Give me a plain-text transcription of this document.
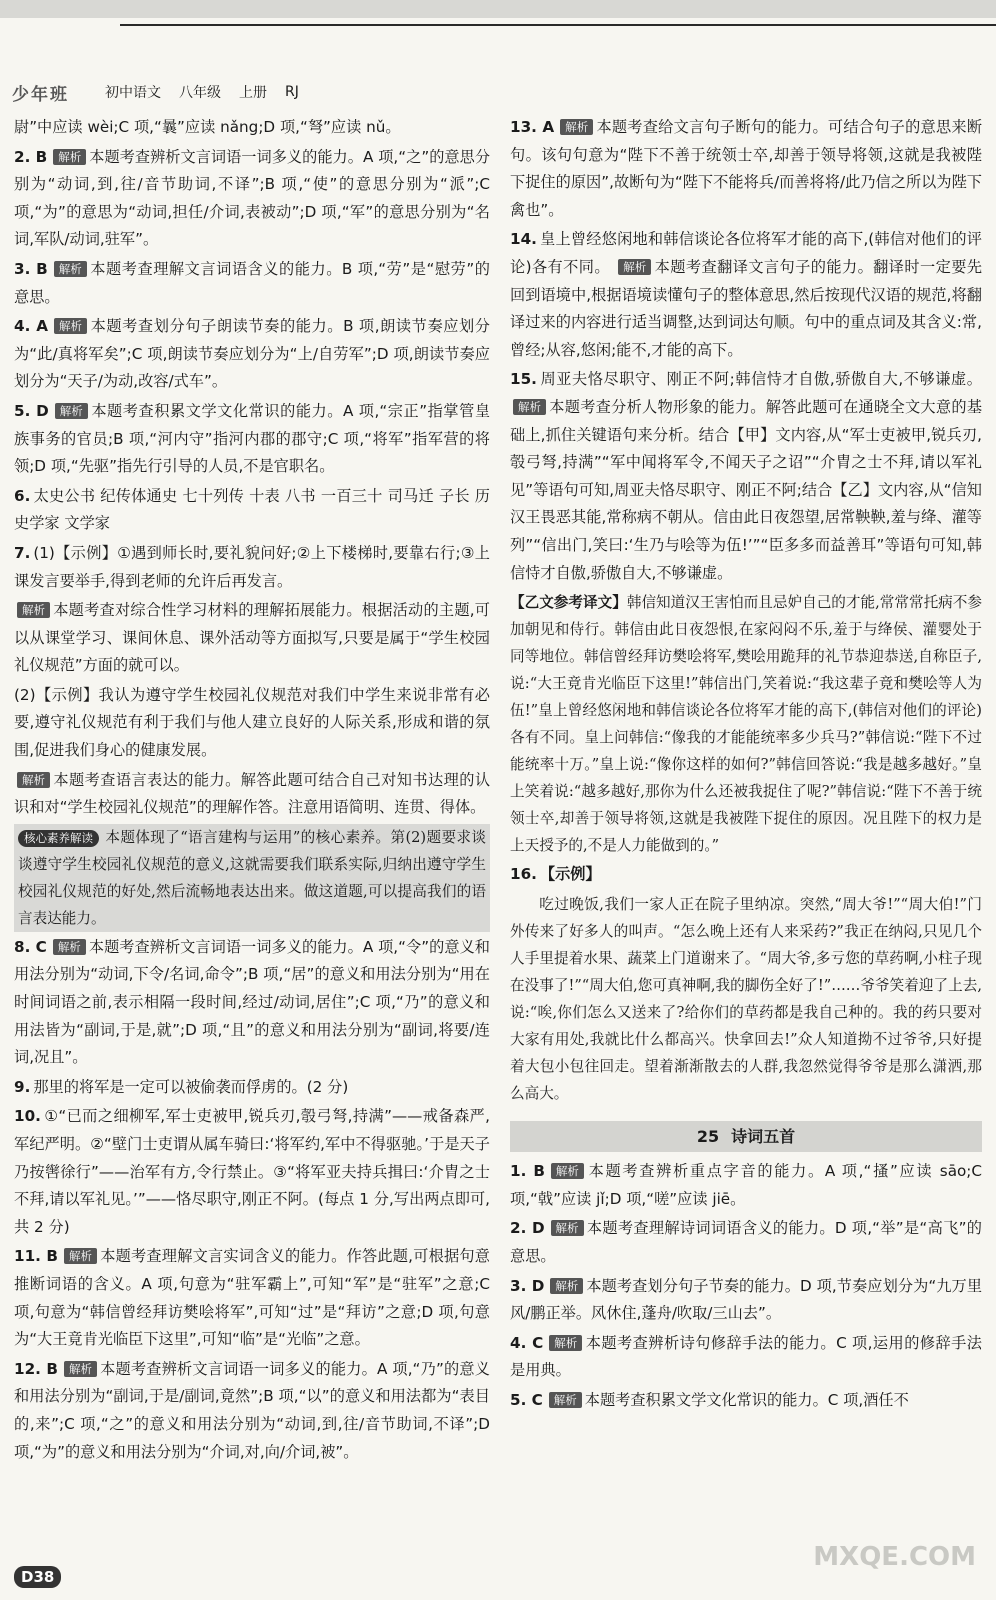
少年班	初中语文 八年级 上册 RJ
尉”中应读 wèi;C 项,“曩”应读 nǎng;D 项,“弩”应读 nǔ。
2. B 解析 本题考查辨析文言词语一词多义的能力。A 项,“之”的意思分别为“动词,到,往/音节助词,不译”;B 项,“使”的意思分别为“派”;C 项,“为”的意思为“动词,担任/介词,表被动”;D 项,“军”的意思分别为“名词,军队/动词,驻军”。
3. B 解析 本题考查理解文言词语含义的能力。B 项,“劳”是“慰劳”的意思。
4. A 解析 本题考查划分句子朗读节奏的能力。B 项,朗读节奏应划分为“此/真将军矣”;C 项,朗读节奏应划分为“上/自劳军”;D 项,朗读节奏应划分为“天子/为动,改容/式车”。
5. D 解析 本题考查积累文学文化常识的能力。A 项,“宗正”指掌管皇族事务的官员;B 项,“河内守”指河内郡的郡守;C 项,“将军”指军营的将领;D 项,“先驱”指先行引导的人员,不是官职名。
6. 太史公书 纪传体通史 七十列传 十表 八书 一百三十 司马迁 子长 历史学家 文学家
7. (1)【示例】①遇到师长时,要礼貌问好;②上下楼梯时,要靠右行;③上课发言要举手,得到老师的允许后再发言。
解析 本题考查对综合性学习材料的理解拓展能力。根据活动的主题,可以从课堂学习、课间休息、课外活动等方面拟写,只要是属于“学生校园礼仪规范”方面的就可以。
(2)【示例】我认为遵守学生校园礼仪规范对我们中学生来说非常有必要,遵守礼仪规范有利于我们与他人建立良好的人际关系,形成和谐的氛围,促进我们身心的健康发展。
解析 本题考查语言表达的能力。解答此题可结合自己对知书达理的认识和对“学生校园礼仪规范”的理解作答。注意用语简明、连贯、得体。
核心素养解读 本题体现了“语言建构与运用”的核心素养。第(2)题要求谈谈遵守学生校园礼仪规范的意义,这就需要我们联系实际,归纳出遵守学生校园礼仪规范的好处,然后流畅地表达出来。做这道题,可以提高我们的语言表达能力。
8. C 解析 本题考查辨析文言词语一词多义的能力。A 项,“令”的意义和用法分别为“动词,下令/名词,命令”;B 项,“居”的意义和用法分别为“用在时间词语之前,表示相隔一段时间,经过/动词,居住”;C 项,“乃”的意义和用法皆为“副词,于是,就”;D 项,“且”的意义和用法分别为“副词,将要/连词,况且”。
9. 那里的将军是一定可以被偷袭而俘虏的。(2 分)
10. ①“已而之细柳军,军士吏被甲,锐兵刃,彀弓弩,持满”——戒备森严,军纪严明。②“壁门士吏谓从属车骑曰:‘将军约,军中不得驱驰。’于是天子乃按辔徐行”——治军有方,令行禁止。③“将军亚夫持兵揖曰:‘介胄之士不拜,请以军礼见。’”——恪尽职守,刚正不阿。(每点 1 分,写出两点即可,共 2 分)
11. B 解析 本题考查理解文言实词含义的能力。作答此题,可根据句意推断词语的含义。A 项,句意为“驻军霸上”,可知“军”是“驻军”之意;C 项,句意为“韩信曾经拜访樊哙将军”,可知“过”是“拜访”之意;D 项,句意为“大王竟肯光临臣下这里”,可知“临”是“光临”之意。
12. B 解析 本题考查辨析文言词语一词多义的能力。A 项,“乃”的意义和用法分别为“副词,于是/副词,竟然”;B 项,“以”的意义和用法都为“表目的,来”;C 项,“之”的意义和用法分别为“动词,到,往/音节助词,不译”;D 项,“为”的意义和用法分别为“介词,对,向/介词,被”。
13. A 解析 本题考查给文言句子断句的能力。可结合句子的意思来断句。该句句意为“陛下不善于统领士卒,却善于领导将领,这就是我被陛下捉住的原因”,故断句为“陛下不能将兵/而善将将/此乃信之所以为陛下禽也”。
14. 皇上曾经悠闲地和韩信谈论各位将军才能的高下,(韩信对他们的评论)各有不同。 解析 本题考查翻译文言句子的能力。翻译时一定要先回到语境中,根据语境读懂句子的整体意思,然后按现代汉语的规范,将翻译过来的内容进行适当调整,达到词达句顺。句中的重点词及其含义:常,曾经;从容,悠闲;能不,才能的高下。
15. 周亚夫恪尽职守、刚正不阿;韩信恃才自傲,骄傲自大,不够谦虚。 解析 本题考查分析人物形象的能力。解答此题可在通晓全文大意的基础上,抓住关键语句来分析。结合【甲】文内容,从“军士吏被甲,锐兵刃,彀弓弩,持满”“军中闻将军令,不闻天子之诏”“介胄之士不拜,请以军礼见”等语句可知,周亚夫恪尽职守、刚正不阿;结合【乙】文内容,从“信知汉王畏恶其能,常称病不朝从。信由此日夜怨望,居常鞅鞅,羞与绛、灌等列”“信出门,笑曰:‘生乃与哙等为伍!’”“臣多多而益善耳”等语句可知,韩信恃才自傲,骄傲自大,不够谦虚。
【乙文参考译文】韩信知道汉王害怕而且忌妒自己的才能,常常常托病不参加朝见和侍行。韩信由此日夜怨恨,在家闷闷不乐,羞于与绛侯、灌婴处于同等地位。韩信曾经拜访樊哙将军,樊哙用跪拜的礼节恭迎恭送,自称臣子,说:“大王竟肯光临臣下这里!”韩信出门,笑着说:“我这辈子竟和樊哙等人为伍!”皇上曾经悠闲地和韩信谈论各位将军才能的高下,(韩信对他们的评论)各有不同。皇上问韩信:“像我的才能能统率多少兵马?”韩信说:“陛下不过能统率十万。”皇上说:“像你这样的如何?”韩信回答说:“我是越多越好。”皇上笑着说:“越多越好,那你为什么还被我捉住了呢?”韩信说:“陛下不善于统领士卒,却善于领导将领,这就是我被陛下捉住的原因。况且陛下的权力是上天授予的,不是人力能做到的。”
16. 【示例】
吃过晚饭,我们一家人正在院子里纳凉。突然,“周大爷!”“周大伯!”门外传来了好多人的叫声。“怎么晚上还有人来采药?”我正在纳闷,只见几个人手里提着水果、蔬菜上门道谢来了。“周大爷,多亏您的草药啊,小柱子现在没事了!”“周大伯,您可真神啊,我的脚伤全好了!”……爷爷笑着迎了上去,说:“唉,你们怎么又送来了?给你们的草药都是我自己种的。我的药只要对大家有用处,我就比什么都高兴。快拿回去!”众人知道拗不过爷爷,只好提着大包小包往回走。望着渐渐散去的人群,我忽然觉得爷爷是那么潇洒,那么高大。
25 诗词五首
1. B 解析 本题考查辨析重点字音的能力。A 项,“搔”应读 sāo;C 项,“戟”应读 jǐ;D 项,“嗟”应读 jiē。
2. D 解析 本题考查理解诗词词语含义的能力。D 项,“举”是“高飞”的意思。
3. D 解析 本题考查划分句子节奏的能力。D 项,节奏应划分为“九万里风/鹏正举。风休住,蓬舟/吹取/三山去”。
4. C 解析 本题考查辨析诗句修辞手法的能力。C 项,运用的修辞手法是用典。
5. C 解析 本题考查积累文学文化常识的能力。C 项,酒任不
D38
MXQE.COM
